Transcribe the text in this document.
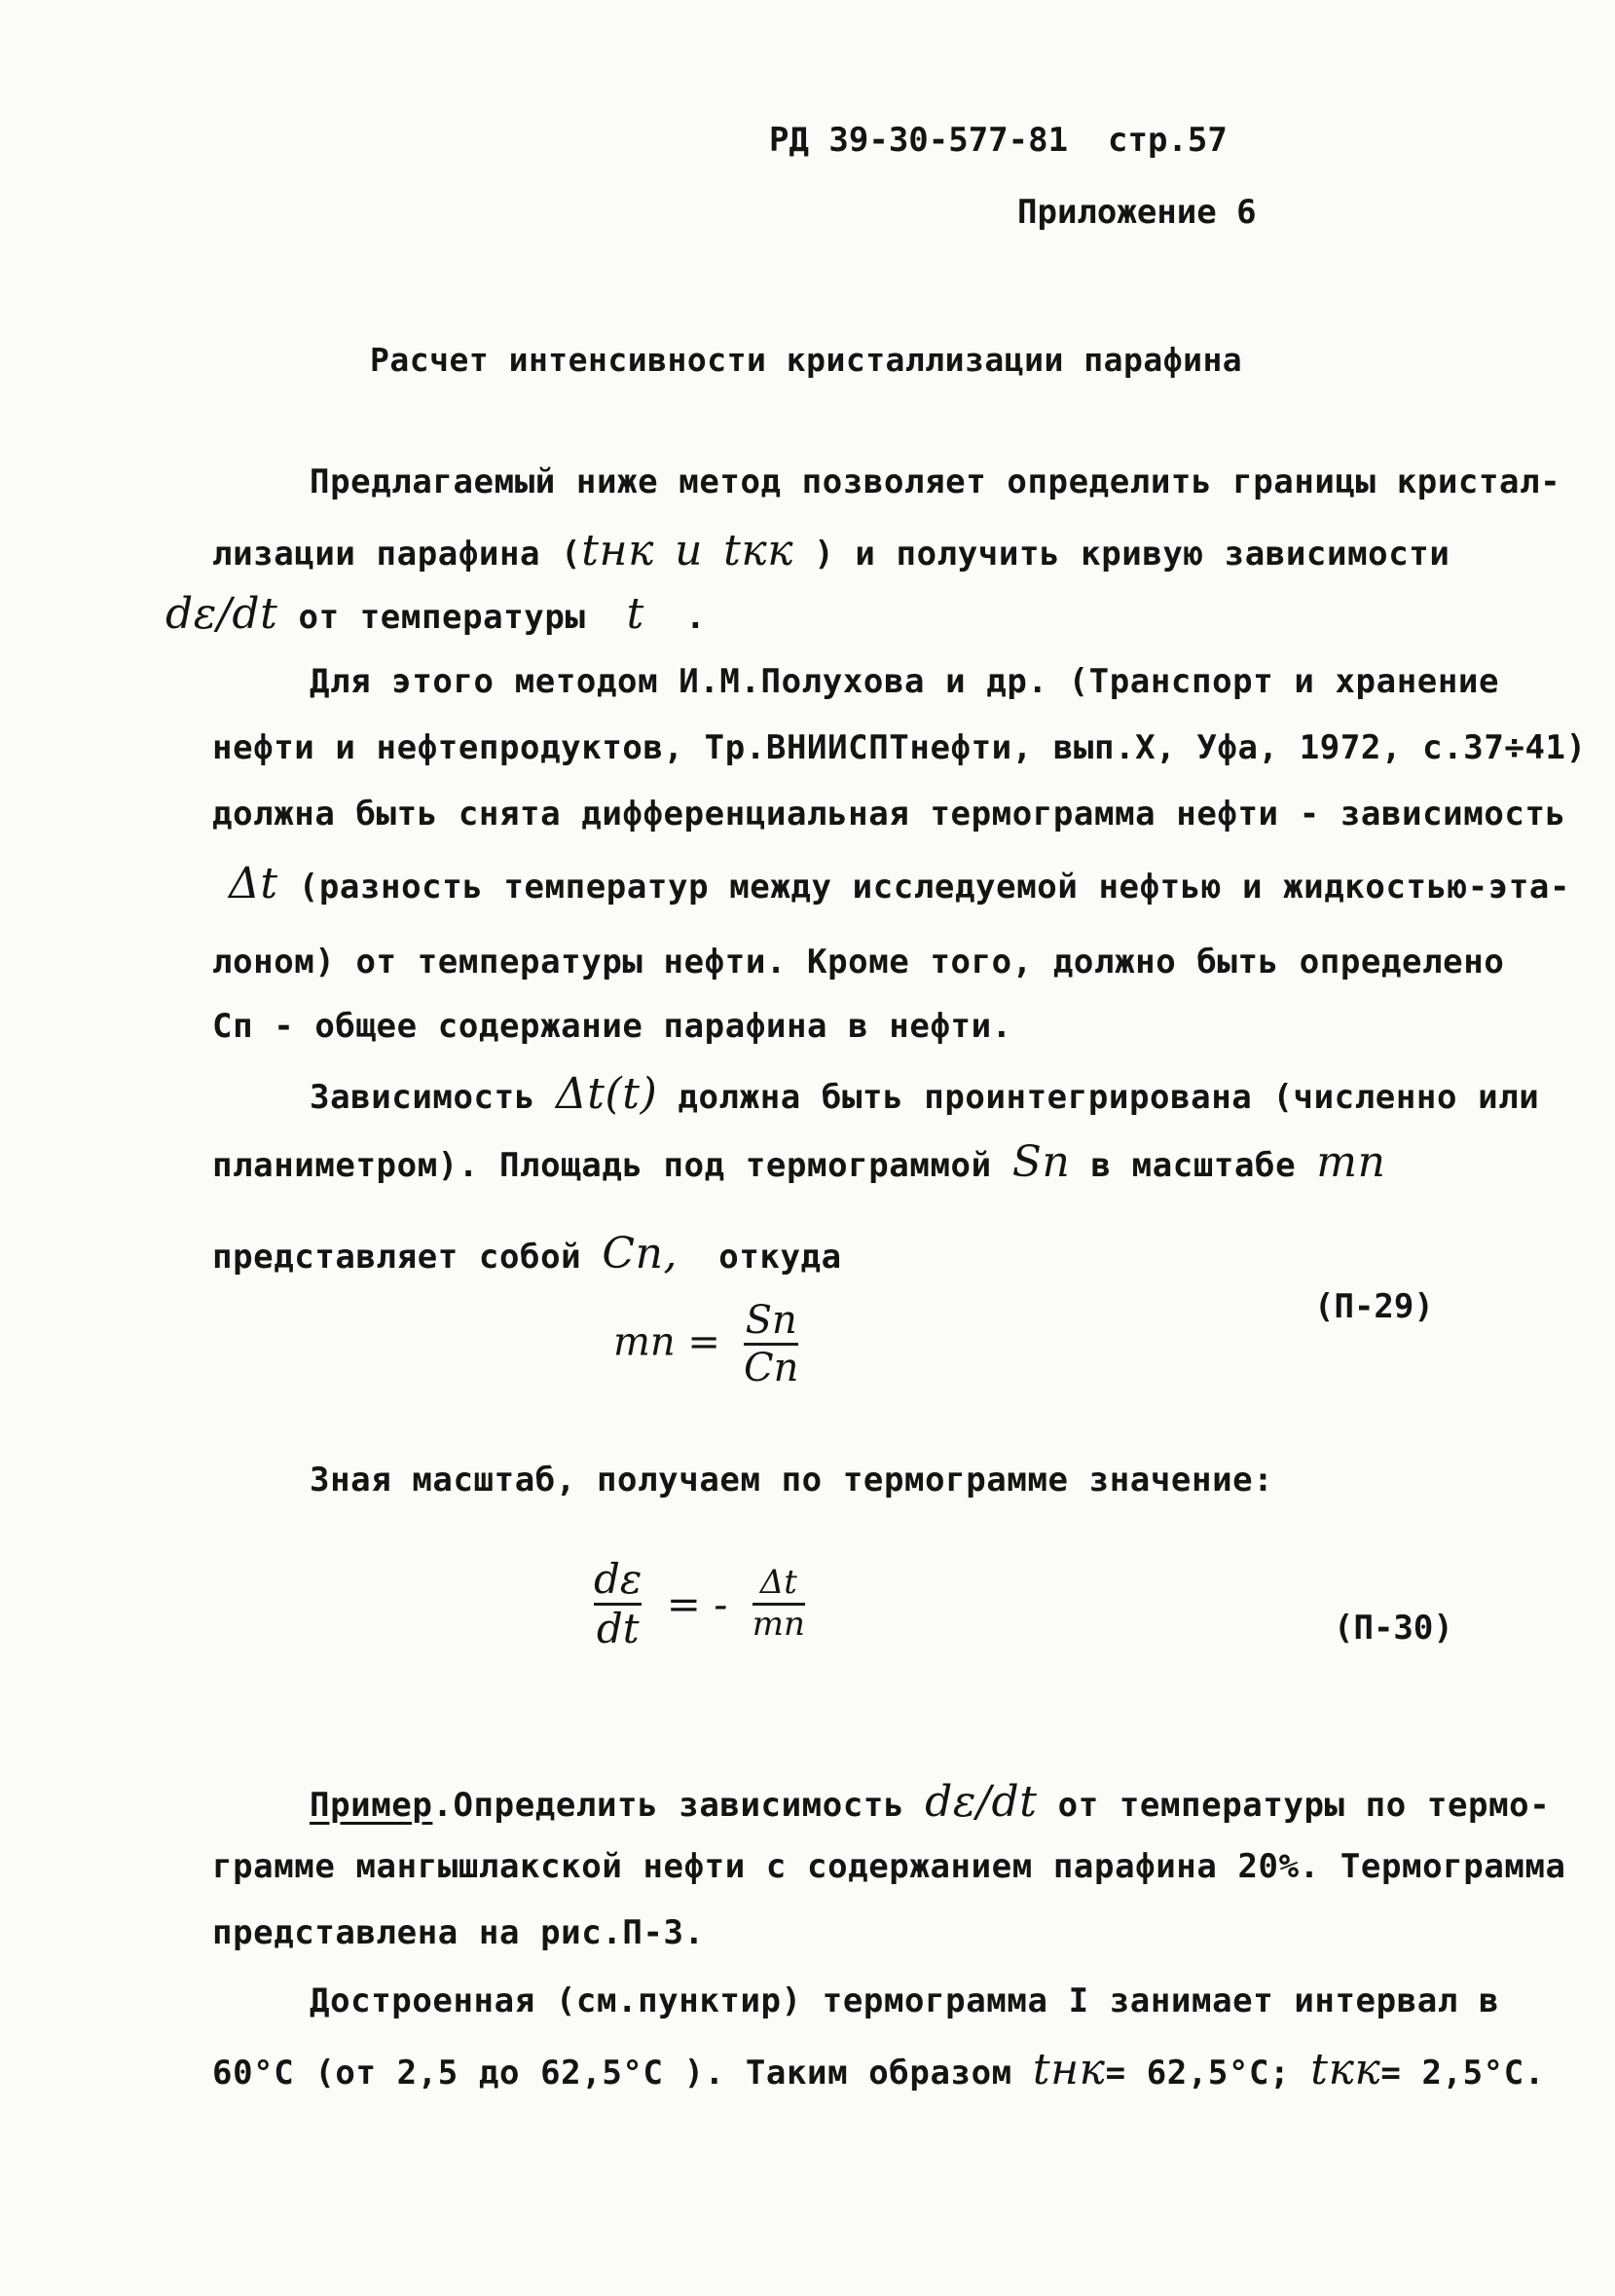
РД 39-30-577-81 стр.57
Приложение 6
Расчет интенсивности кристаллизации парафина
Предлагаемый ниже метод позволяет определить границы кристал-
лизации парафина (tнк и tкк ) и получить кривую зависимости
dε/dt от температуры t .
Для этого методом И.М.Полухова и др. (Транспорт и хранение
нефти и нефтепродуктов, Тр.ВНИИСПТнефти, вып.X, Уфа, 1972, с.37÷41)
должна быть снята дифференциальная термограмма нефти - зависимость
Δt (разность температур между исследуемой нефтью и жидкостью-эта-
лоном) от температуры нефти. Кроме того, должно быть определено
Сп - общее содержание парафина в нефти.
Зависимость Δt(t) должна быть проинтегрирована (численно или
планиметром). Площадь под термограммой Sп в масштабе mп
представляет собой Cп, откуда
mп = $\frac{Sп}{Cп}$	(П-29)
Зная масштаб, получаем по термограмме значение:
$\frac{d\varepsilon}{dt}$ = - $\frac{\Delta t}{mп}$	(П-30)
Пример.Определить зависимость dε/dt от температуры по термо-
грамме мангышлакской нефти с содержанием парафина 20%. Термограмма
представлена на рис.П-3.
Достроенная (см.пунктир) термограмма I занимает интервал в
60°С (от 2,5 до 62,5°С ). Таким образом tнк= 62,5°С; tкк= 2,5°С.
